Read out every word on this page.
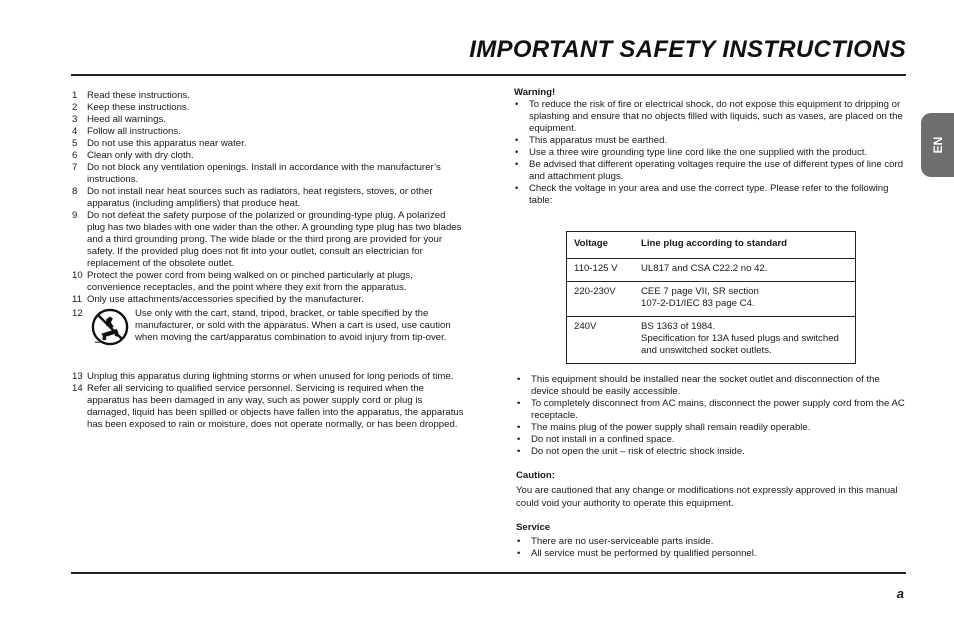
IMPORTANT SAFETY INSTRUCTIONS
EN
1 Read these instructions.
2 Keep these instructions.
3 Heed all warnings.
4 Follow all instructions.
5 Do not use this apparatus near water.
6 Clean only with dry cloth.
7 Do not block any ventilation openings. Install in accordance with the manufacturer’s instructions.
8 Do not install near heat sources such as radiators, heat registers, stoves, or other apparatus (including amplifiers) that produce heat.
9 Do not defeat the safety purpose of the polarized or grounding-type plug. A polarized plug has two blades with one wider than the other. A grounding type plug has two blades and a third grounding prong. The wide blade or the third prong are provided for your safety. If the provided plug does not fit into your outlet, consult an electrician for replacement of the obsolete outlet.
10 Protect the power cord from being walked on or pinched particularly at plugs, convenience receptacles, and the point where they exit from the apparatus.
11 Only use attachments/accessories specified by the manufacturer.
12	Use only with the cart, stand, tripod, bracket, or table specified by the manufacturer, or sold with the apparatus. When a cart is used, use caution when moving the cart/apparatus combination to avoid injury from tip-over.
13 Unplug this apparatus during lightning storms or when unused for long periods of time.
14 Refer all servicing to qualified service personnel. Servicing is required when the apparatus has been damaged in any way, such as power supply cord or plug is damaged, liquid has been spilled or objects have fallen into the apparatus, the apparatus has been exposed to rain or moisture, does not operate normally, or has been dropped.
Warning!
• To reduce the risk of fire or electrical shock, do not expose this equipment to dripping or splashing and ensure that no objects filled with liquids, such as vases, are placed on the equipment.
• This apparatus must be earthed.
• Use a three wire grounding type line cord like the one supplied with the product.
• Be advised that different operating voltages require the use of different types of line cord and attachment plugs.
• Check the voltage in your area and use the correct type. Please refer to the following table:
Voltage	Line plug according to standard
110-125 V	UL817 and CSA C22.2 no 42.

220-230V	CEE 7 page VII, SR section
107-2-D1/IEC 83 page C4.

240V	BS 1363 of 1984.
Specification for 13A fused plugs and switched
and unswitched socket outlets.
• This equipment should be installed near the socket outlet and disconnection of the device should be easily accessible.
• To completely disconnect from AC mains, disconnect the power supply cord from the AC receptacle.
• The mains plug of the power supply shall remain readily operable.
• Do not install in a confined space.
• Do not open the unit – risk of electric shock inside.
Caution:
You are cautioned that any change or modifications not expressly approved in this manual could void your authority to operate this equipment.
Service
• There are no user-serviceable parts inside.
• All service must be performed by qualified personnel.
a
